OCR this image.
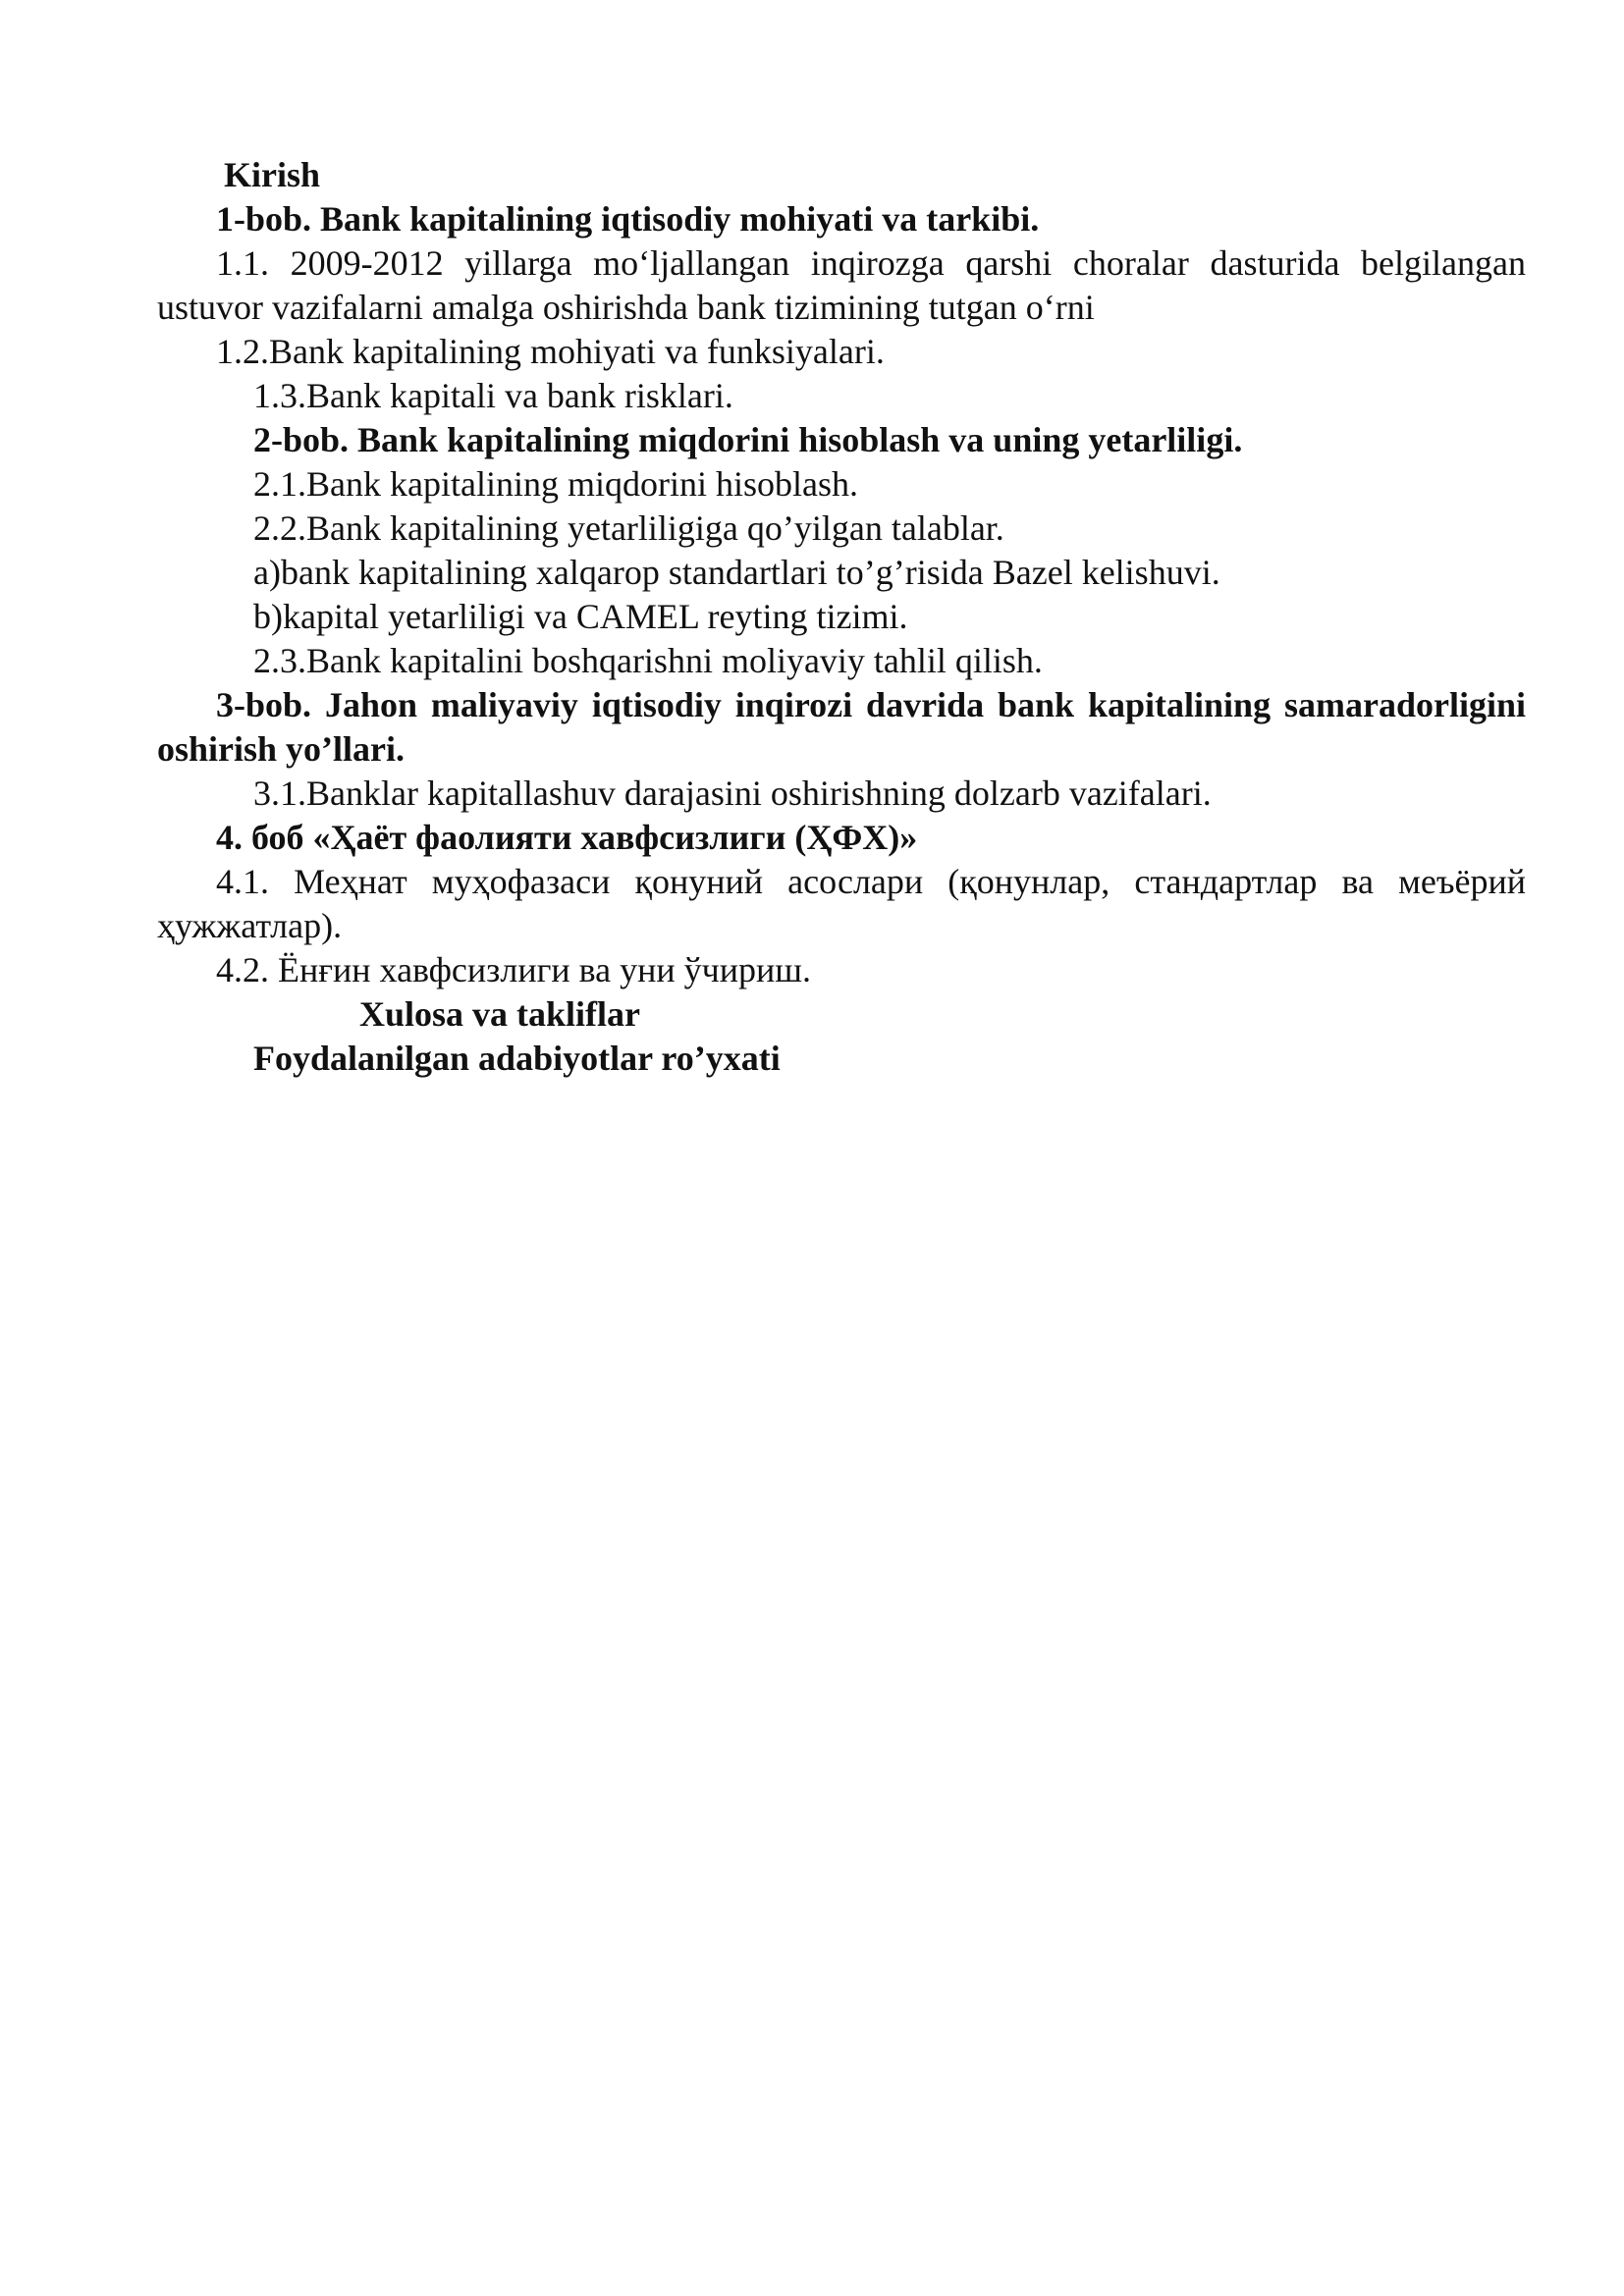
Kirish
1-bob. Bank kapitalining iqtisodiy mohiyati va tarkibi.
1.1. 2009-2012 yillarga mo‘ljallangan inqirozga qarshi choralar dasturida belgilangan ustuvor vazifalarni amalga oshirishda bank tizimining tutgan o‘rni
1.2.Bank kapitalining mohiyati va funksiyalari.
1.3.Bank kapitali va bank risklari.
2-bob. Bank kapitalining miqdorini hisoblash va uning yetarliligi.
2.1.Bank kapitalining miqdorini hisoblash.
2.2.Bank kapitalining yetarliligiga qo’yilgan talablar.
a)bank kapitalining xalqarop standartlari to’g’risida Bazel kelishuvi.
b)kapital yetarliligi va CAMEL reyting tizimi.
2.3.Bank kapitalini boshqarishni moliyaviy tahlil qilish.
3-bob. Jahon maliyaviy iqtisodiy inqirozi davrida bank kapitalining samaradorligini oshirish yo’llari.
3.1.Banklar kapitallashuv darajasini oshirishning dolzarb vazifalari.
4. боб «Ҳаёт фаолияти хавфсизлиги (ҲФХ)»
4.1. Меҳнат муҳофазаси қонуний асослари (қонунлар, стандартлар ва меъёрий ҳужжатлар).
4.2. Ёнғин хавфсизлиги ва уни ўчириш.
Xulosa va takliflar
Foydalanilgan adabiyotlar ro’yxati
